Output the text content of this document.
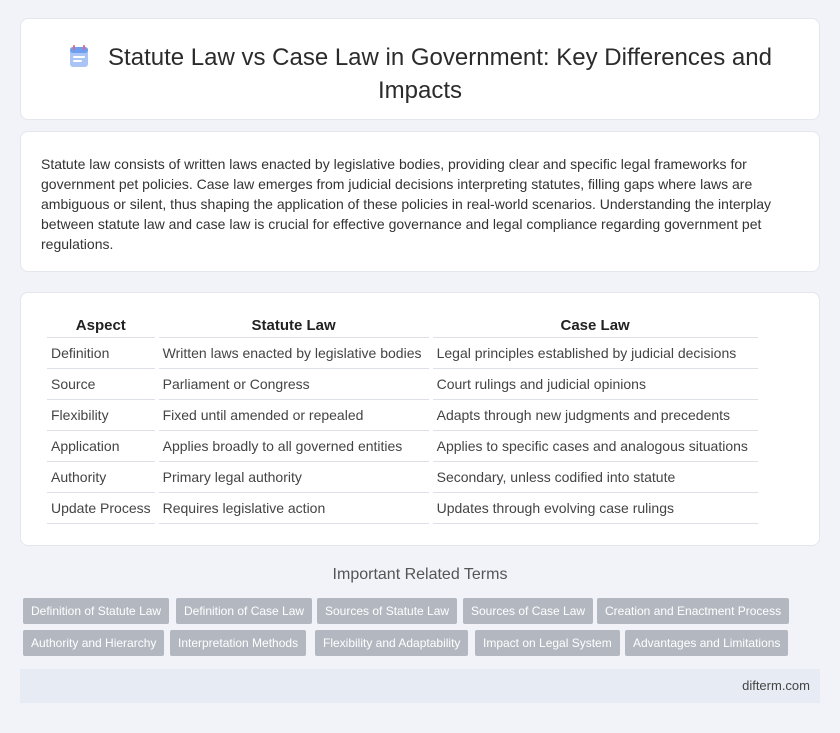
Statute Law vs Case Law in Government: Key Differences and Impacts

Statute law consists of written laws enacted by legislative bodies, providing clear and specific legal frameworks for government pet policies. Case law emerges from judicial decisions interpreting statutes, filling gaps where laws are ambiguous or silent, thus shaping the application of these policies in real-world scenarios. Understanding the interplay between statute law and case law is crucial for effective governance and legal compliance regarding government pet regulations.

Aspect	Statute Law	Case Law
Definition	Written laws enacted by legislative bodies	Legal principles established by judicial decisions
Source	Parliament or Congress	Court rulings and judicial opinions
Flexibility	Fixed until amended or repealed	Adapts through new judgments and precedents
Application	Applies broadly to all governed entities	Applies to specific cases and analogous situations
Authority	Primary legal authority	Secondary, unless codified into statute
Update Process	Requires legislative action	Updates through evolving case rulings
Important Related Terms
Definition of Statute Law	Definition of Case Law	Sources of Statute Law	Sources of Case Law	Creation and Enactment Process
Authority and Hierarchy	Interpretation Methods	Flexibility and Adaptability	Impact on Legal System	Advantages and Limitations
difterm.com
